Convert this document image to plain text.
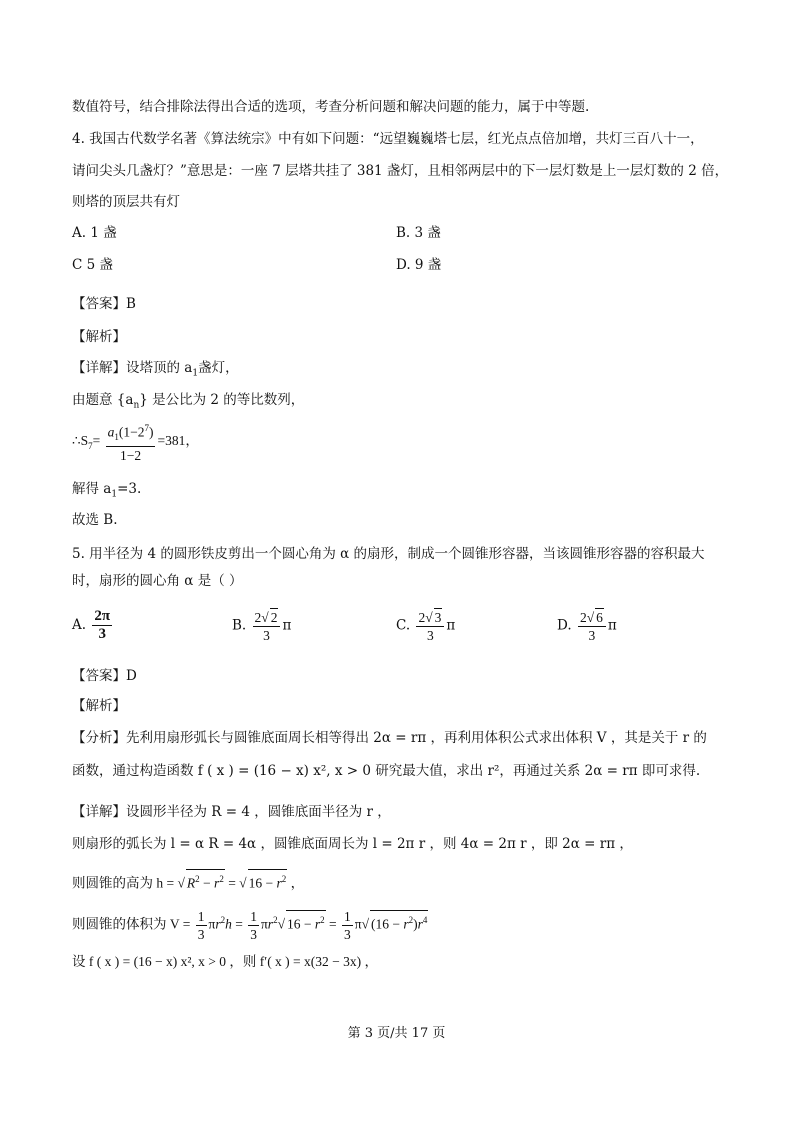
数值符号，结合排除法得出合适的选项，考查分析问题和解决问题的能力，属于中等题.
4. 我国古代数学名著《算法统宗》中有如下问题：“远望巍巍塔七层，红光点点倍加增，共灯三百八十一，
请问尖头几盏灯？”意思是：一座 7 层塔共挂了 381 盏灯，且相邻两层中的下一层灯数是上一层灯数的 2 倍，
则塔的顶层共有灯
A. 1 盏	B. 3 盏
C 5 盏	D. 9 盏
【答案】B
【解析】
【详解】设塔顶的 $a_1$盏灯，
由题意 $\{a_n\}$ 是公比为 2 的等比数列，
$\therefore S_7= \frac{a_1(1-2^7)}{1-2} =381$，
解得 $a_1=3$.
故选 B.
5. 用半径为 4 的圆形铁皮剪出一个圆心角为 α 的扇形，制成一个圆锥形容器，当该圆锥形容器的容积最大
时，扇形的圆心角 α 是（ ）
A. $\frac{2\pi}{3}$	B. $\frac{2√ 2}{3}$ π	C. $\frac{2√ 3}{3}$ π	D. $\frac{2√ 6}{3}$ π
【答案】D
【解析】
【分析】先利用扇形弧长与圆锥底面周长相等得出 2α = rπ ，再利用体积公式求出体积 V ，其是关于 r 的
函数，通过构造函数 f ( x ) = (16 − x) x², x > 0 研究最大值，求出 r²，再通过关系 2α = rπ 即可求得.
【详解】设圆形半径为 R = 4 ，圆锥底面半径为 r ，
则扇形的弧长为 l = α R = 4α ，圆锥底面周长为 l = 2π r ，则 4α = 2π r ，即 2α = rπ ，
则圆锥的高为 h = √ $R^2 - r^2$ = √ $16 - r^2$ ，
则圆锥的体积为 $V = \frac{1}{3} \pi r^2h = \frac{1}{3} \pi r^2√$ $16 - r^2 = \frac{1}{3} \pi√$ $(16 - r^2)r^4$
设 f ( x ) = (16 − x) x², x > 0 ，则 f′( x ) = x(32 − 3x) ，
第 3 页/共 17 页
